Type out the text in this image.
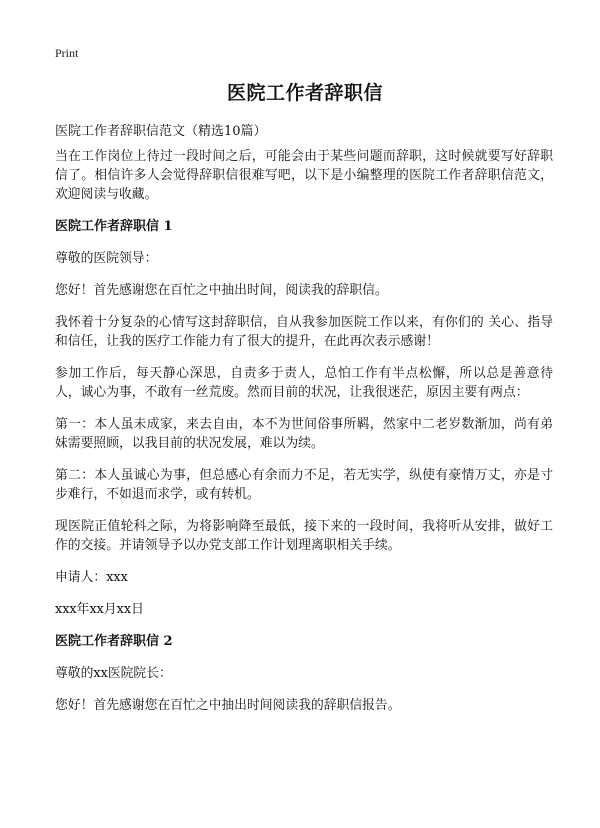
Print
医院工作者辞职信

医院工作者辞职信范文（精选10篇）

当在工作岗位上待过一段时间之后，可能会由于某些问题而辞职，这时候就要写好辞职信了。相信许多人会觉得辞职信很难写吧，以下是小编整理的医院工作者辞职信范文，欢迎阅读与收藏。

医院工作者辞职信 1

尊敬的医院领导：

您好！首先感谢您在百忙之中抽出时间，阅读我的辞职信。

我怀着十分复杂的心情写这封辞职信，自从我参加医院工作以来，有你们的 关心、指导和信任，让我的医疗工作能力有了很大的提升，在此再次表示感谢！

参加工作后，每天静心深思，自责多于责人，总怕工作有半点松懈，所以总是善意待人，诚心为事，不敢有一丝荒废。然而目前的状况，让我很迷茫，原因主要有两点：

第一：本人虽未成家，来去自由，本不为世间俗事所羁，然家中二老岁数渐加，尚有弟妹需要照顾，以我目前的状况发展，难以为续。

第二：本人虽诚心为事，但总感心有余而力不足，若无实学，纵使有豪情万丈，亦是寸步难行，不如退而求学，或有转机。

现医院正值轮科之际，为将影响降至最低，接下来的一段时间，我将听从安排，做好工作的交接。并请领导予以办党支部工作计划理离职相关手续。

申请人：xxx

xxx年xx月xx日

医院工作者辞职信 2

尊敬的xx医院院长：

您好！首先感谢您在百忙之中抽出时间阅读我的辞职信报告。
